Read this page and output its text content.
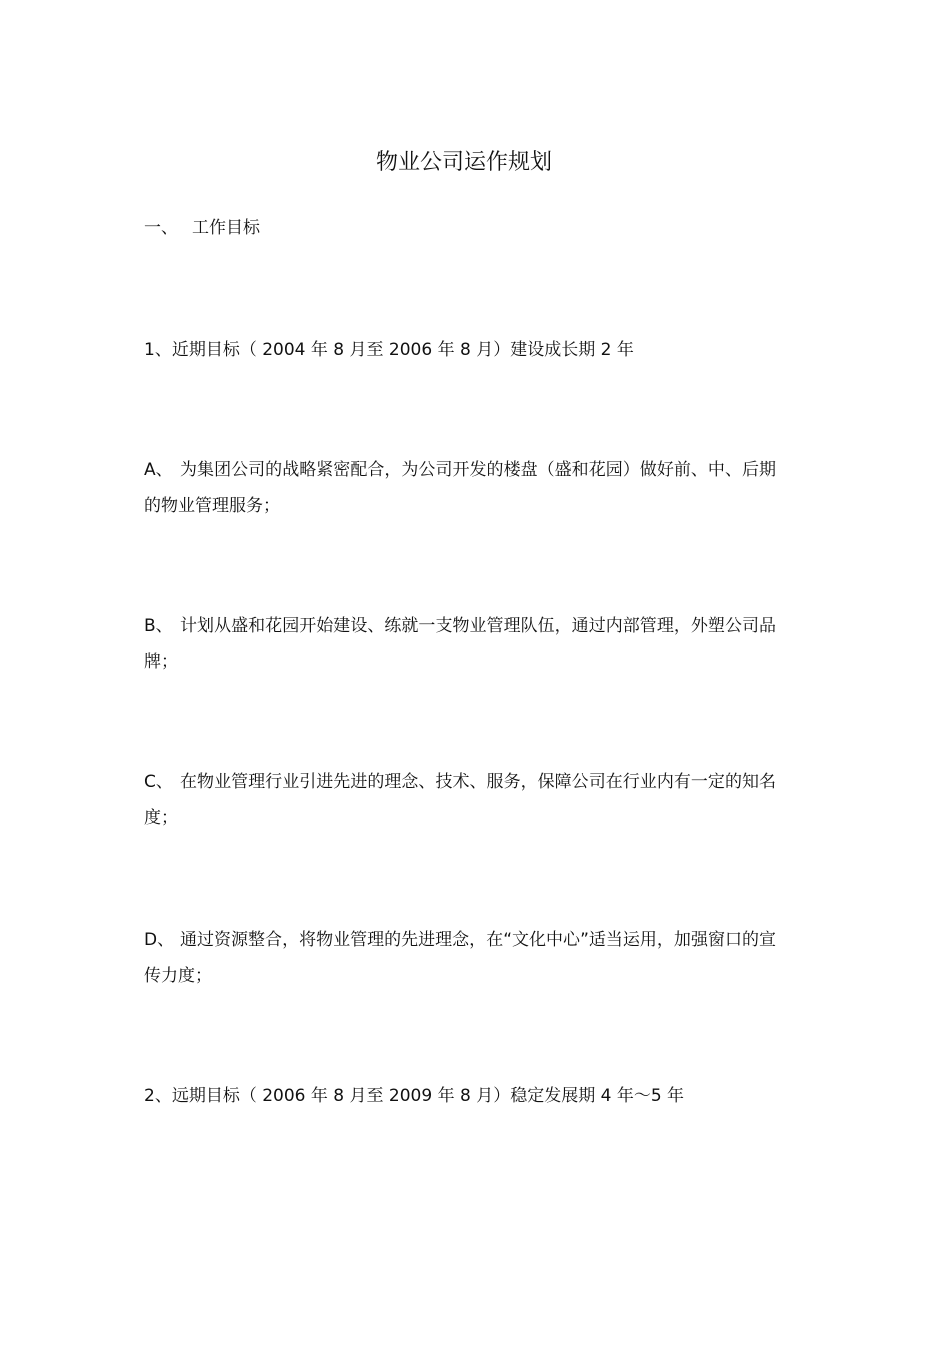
物业公司运作规划

一、 工作目标

1、近期目标（ 2004 年 8 月至 2006 年 8 月）建设成长期 2 年

A、 为集团公司的战略紧密配合，为公司开发的楼盘（盛和花园）做好前、中、后期的物业管理服务；

B、 计划从盛和花园开始建设、练就一支物业管理队伍，通过内部管理，外塑公司品牌；

C、 在物业管理行业引进先进的理念、技术、服务，保障公司在行业内有一定的知名度；

D、 通过资源整合，将物业管理的先进理念，在“文化中心”适当运用，加强窗口的宣传力度；

2、远期目标（ 2006 年 8 月至 2009 年 8 月）稳定发展期 4 年～5 年
